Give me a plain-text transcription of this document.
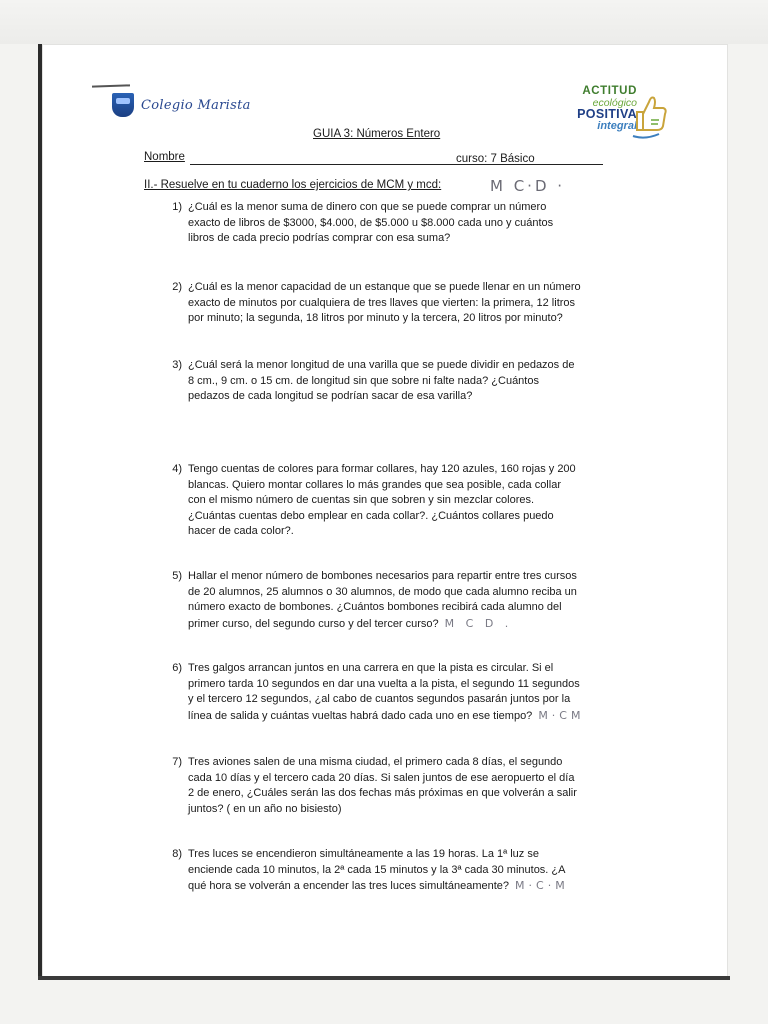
Colegio Marista
ACTITUD
ecológico
POSITIVA
integral
GUIA 3: Números Entero
Nombre	curso: 7 Básico
II.- Resuelve en tu cuaderno los ejercicios de MCM y mcd:	M C·D ·
1) ¿Cuál es la menor suma de dinero con que se puede comprar un número
exacto de libros de $3000, $4.000, de $5.000 u $8.000 cada uno y cuántos
libros de cada precio podrías comprar con esa suma?
2) ¿Cuál es la menor capacidad de un estanque que se puede llenar en un número
exacto de minutos por cualquiera de tres llaves que vierten: la primera, 12 litros
por minuto; la segunda, 18 litros por minuto y la tercera, 20 litros por minuto?
3) ¿Cuál será la menor longitud de una varilla que se puede dividir en pedazos de
8 cm., 9 cm. o 15 cm. de longitud sin que sobre ni falte nada? ¿Cuántos
pedazos de cada longitud se podrían sacar de esa varilla?
4) Tengo cuentas de colores para formar collares, hay 120 azules, 160 rojas y 200
blancas. Quiero montar collares lo más grandes que sea posible, cada collar
con el mismo número de cuentas sin que sobren y sin mezclar colores.
¿Cuántas cuentas debo emplear en cada collar?. ¿Cuántos collares puedo
hacer de cada color?.
5) Hallar el menor número de bombones necesarios para repartir entre tres cursos
de 20 alumnos, 25 alumnos o 30 alumnos, de modo que cada alumno reciba un
número exacto de bombones. ¿Cuántos bombones recibirá cada alumno del
primer curso, del segundo curso y del tercer curso? M C D .
6) Tres galgos arrancan juntos en una carrera en que la pista es circular. Si el
primero tarda 10 segundos en dar una vuelta a la pista, el segundo 11 segundos
y el tercero 12 segundos, ¿al cabo de cuantos segundos pasarán juntos por la
línea de salida y cuántas vueltas habrá dado cada uno en ese tiempo? M·CM
7) Tres aviones salen de una misma ciudad, el primero cada 8 días, el segundo
cada 10 días y el tercero cada 20 días. Si salen juntos de ese aeropuerto el día
2 de enero, ¿Cuáles serán las dos fechas más próximas en que volverán a salir
juntos? ( en un año no bisiesto)
8) Tres luces se encendieron simultáneamente a las 19 horas. La 1ª luz se
enciende cada 10 minutos, la 2ª cada 15 minutos y la 3ª cada 30 minutos. ¿A
qué hora se volverán a encender las tres luces simultáneamente? M·C·M
